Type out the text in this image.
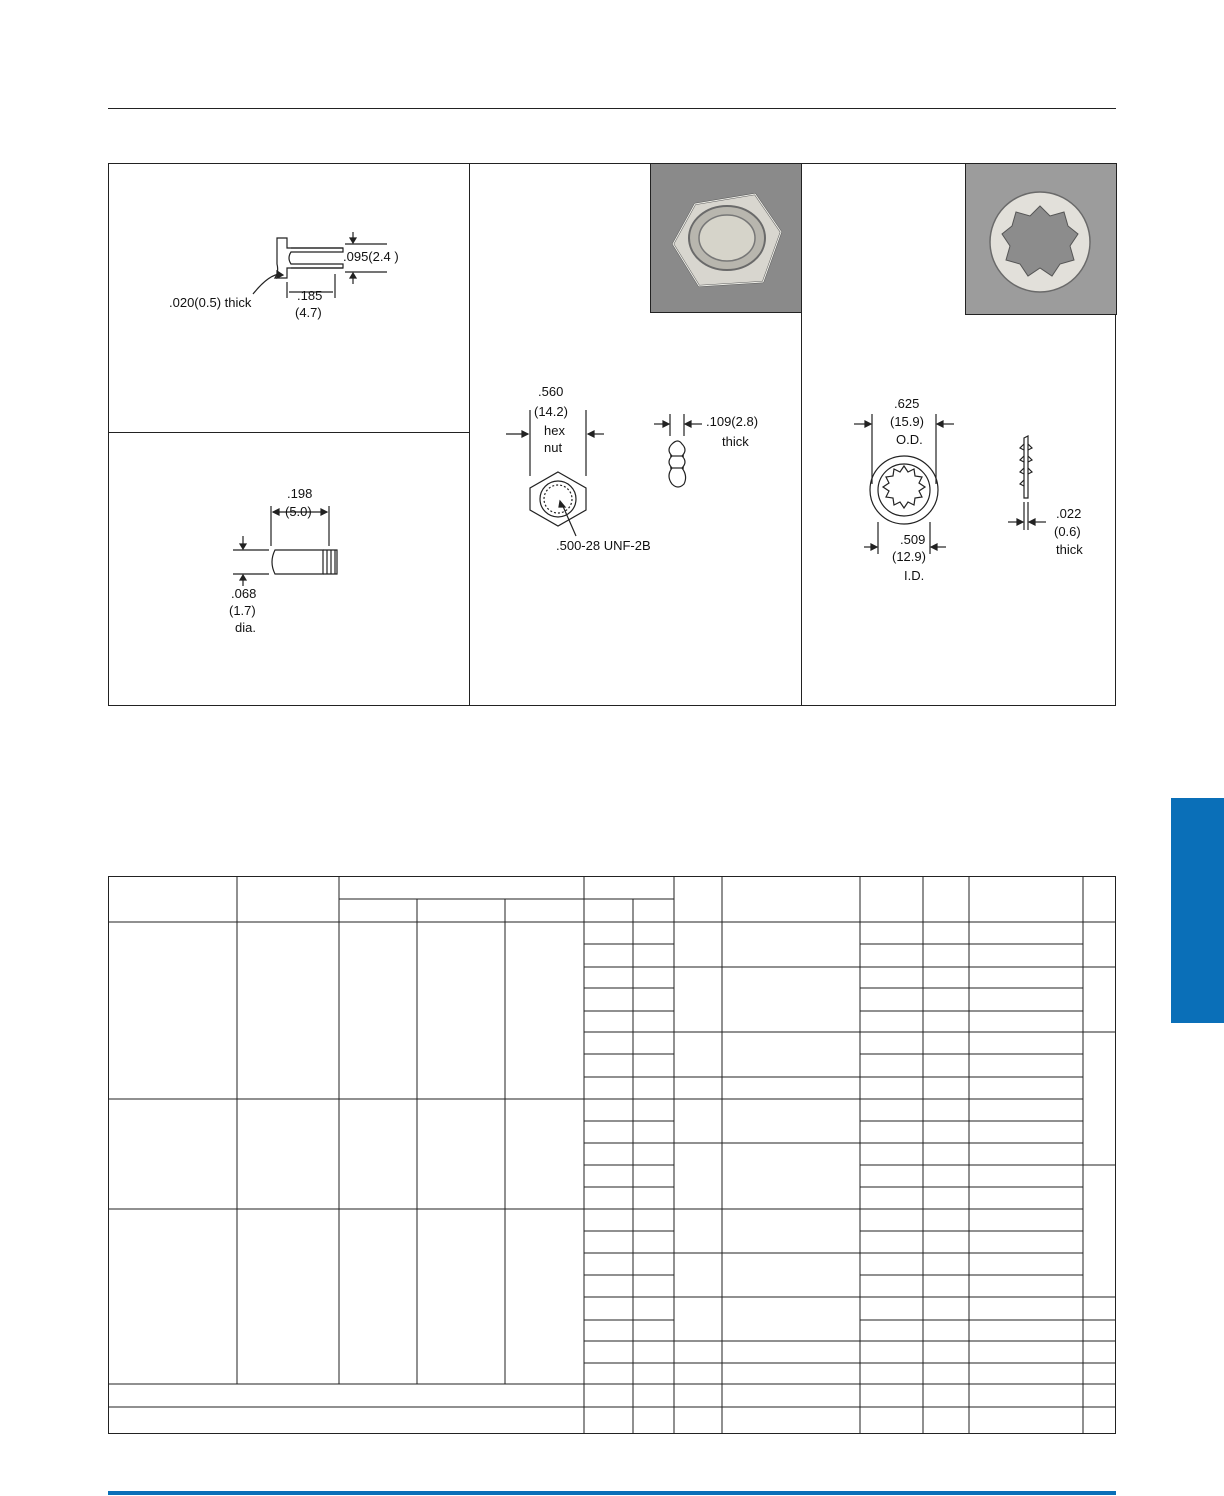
.095(2.4 )
.020(0.5) thick	.185
(4.7)
.198
(5.0)
.068
(1.7)
dia.
.560
(14.2)
hex
nut
.500-28 UNF-2B
.109(2.8)
thick
.625
(15.9)
O.D.
.509
(12.9)
I.D.
.022
(0.6)
thick
